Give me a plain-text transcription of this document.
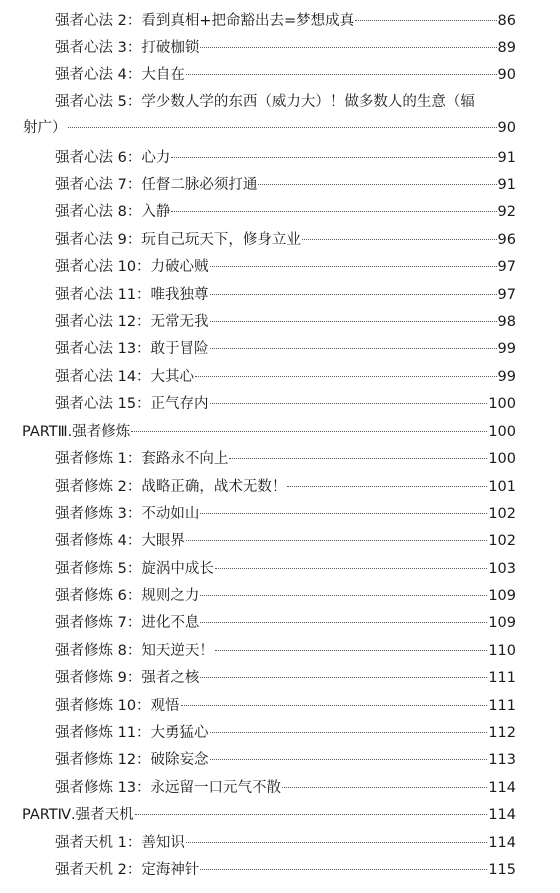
强者心法 2：看到真相+把命豁出去=梦想成真	86
强者心法 3：打破枷锁	89
强者心法 4：大自在	90
强者心法 5：学少数人学的东西（威力大）！做多数人的生意（辐
射广）	90
强者心法 6：心力	91
强者心法 7：任督二脉必须打通	91
强者心法 8：入静	92
强者心法 9：玩自己玩天下，修身立业	96
强者心法 10：力破心贼	97
强者心法 11：唯我独尊	97
强者心法 12：无常无我	98
强者心法 13：敢于冒险	99
强者心法 14：大其心	99
强者心法 15：正气存内	100
PARTⅢ.强者修炼	100
强者修炼 1：套路永不向上	100
强者修炼 2：战略正确，战术无数！	101
强者修炼 3：不动如山	102
强者修炼 4：大眼界	102
强者修炼 5：旋涡中成长	103
强者修炼 6：规则之力	109
强者修炼 7：进化不息	109
强者修炼 8：知天逆天！	110
强者修炼 9：强者之核	111
强者修炼 10：观悟	111
强者修炼 11：大勇猛心	112
强者修炼 12：破除妄念	113
强者修炼 13：永远留一口元气不散	114
PARTⅣ.强者天机	114
强者天机 1：善知识	114
强者天机 2：定海神针	115
